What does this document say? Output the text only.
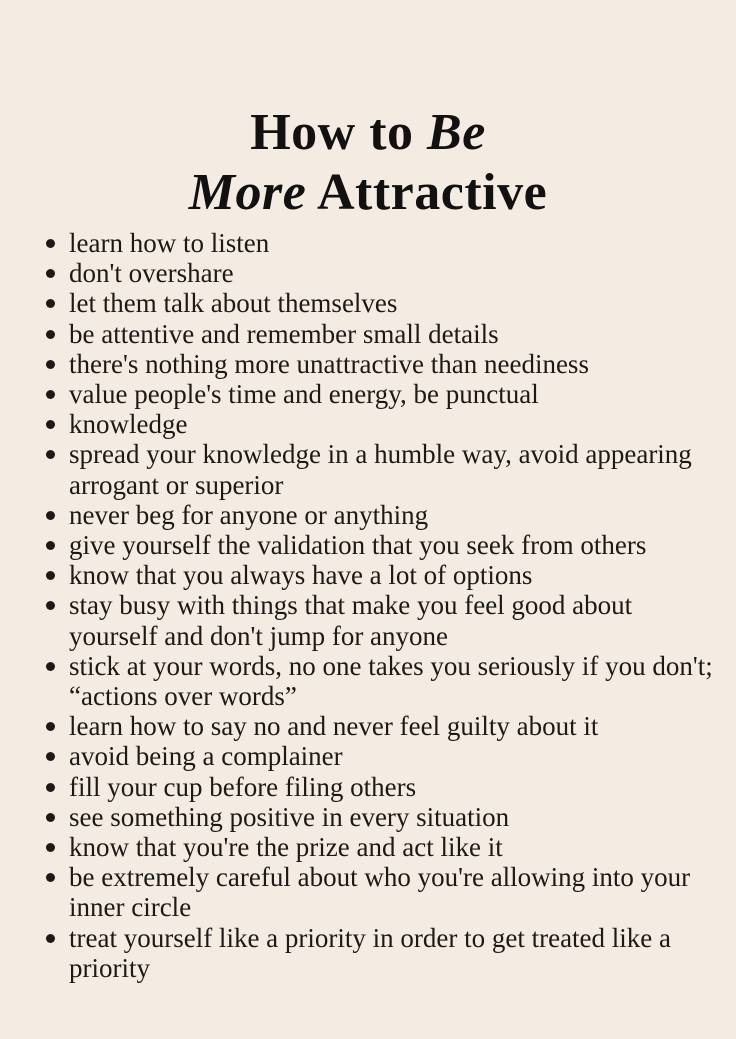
How to Be
More Attractive
learn how to listen
don't overshare
let them talk about themselves
be attentive and remember small details
there's nothing more unattractive than neediness
value people's time and energy, be punctual
knowledge
spread your knowledge in a humble way, avoid appearing arrogant or superior
never beg for anyone or anything
give yourself the validation that you seek from others
know that you always have a lot of options
stay busy with things that make you feel good about yourself and don't jump for anyone
stick at your words, no one takes you seriously if you don't; “actions over words”
learn how to say no and never feel guilty about it
avoid being a complainer
fill your cup before filing others
see something positive in every situation
know that you're the prize and act like it
be extremely careful about who you're allowing into your inner circle
treat yourself like a priority in order to get treated like a priority
